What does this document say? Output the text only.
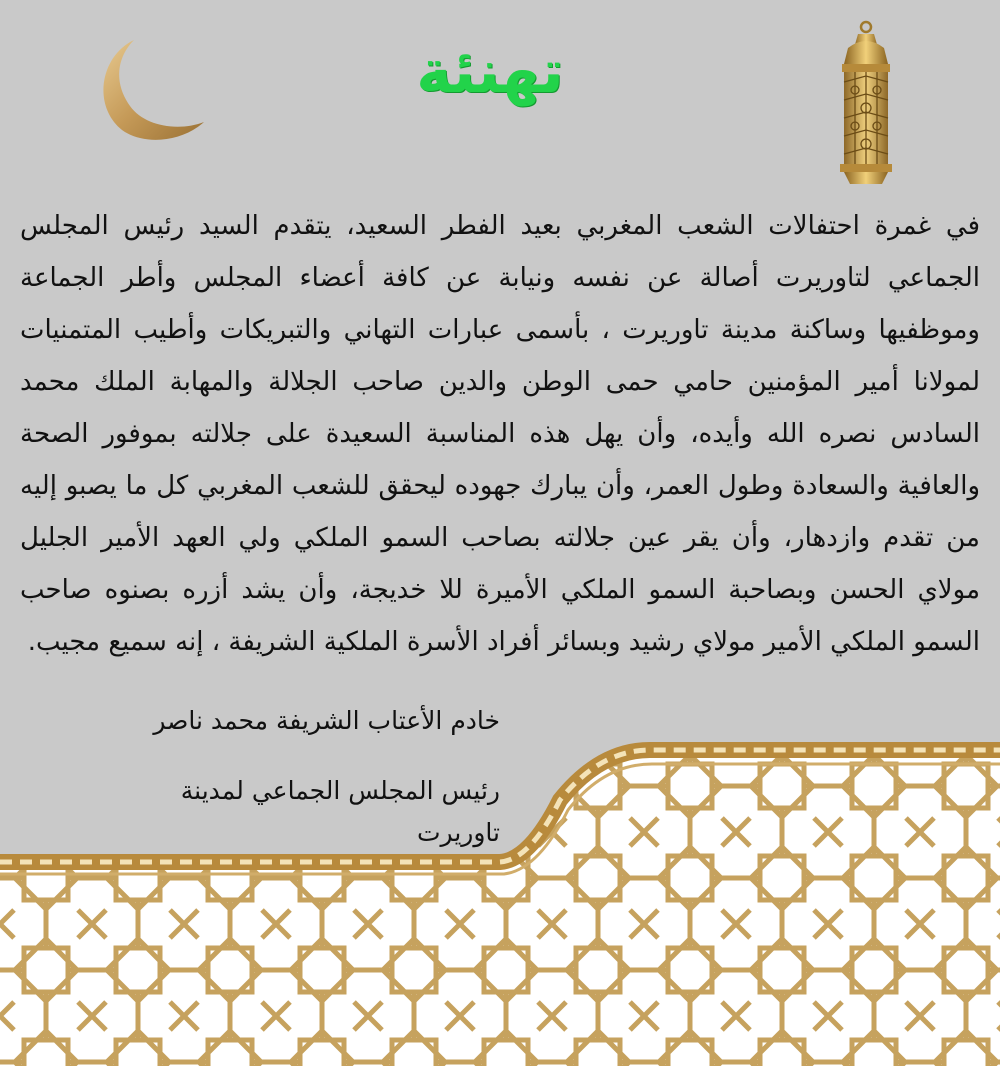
تهنئة

في غمرة احتفالات الشعب المغربي بعيد الفطر السعيد، يتقدم السيد رئيس المجلس الجماعي لتاوريرت أصالة عن نفسه ونيابة عن كافة أعضاء المجلس وأطر الجماعة وموظفيها وساكنة مدينة تاوريرت ، بأسمى عبارات التهاني والتبريكات وأطيب المتمنيات لمولانا أمير المؤمنين حامي حمى الوطن والدين صاحب الجلالة والمهابة الملك محمد السادس نصره الله وأيده، وأن يهل هذه المناسبة السعيدة على جلالته بموفور الصحة والعافية والسعادة وطول العمر، وأن يبارك جهوده ليحقق للشعب المغربي كل ما يصبو إليه من تقدم وازدهار، وأن يقر عين جلالته بصاحب السمو الملكي ولي العهد الأمير الجليل مولاي الحسن وبصاحبة السمو الملكي الأميرة للا خديجة، وأن يشد أزره بصنوه صاحب السمو الملكي الأمير مولاي رشيد وبسائر أفراد الأسرة الملكية الشريفة ، إنه سميع مجيب.

خادم الأعتاب الشريفة محمد ناصر
رئيس المجلس الجماعي لمدينة تاوريرت
